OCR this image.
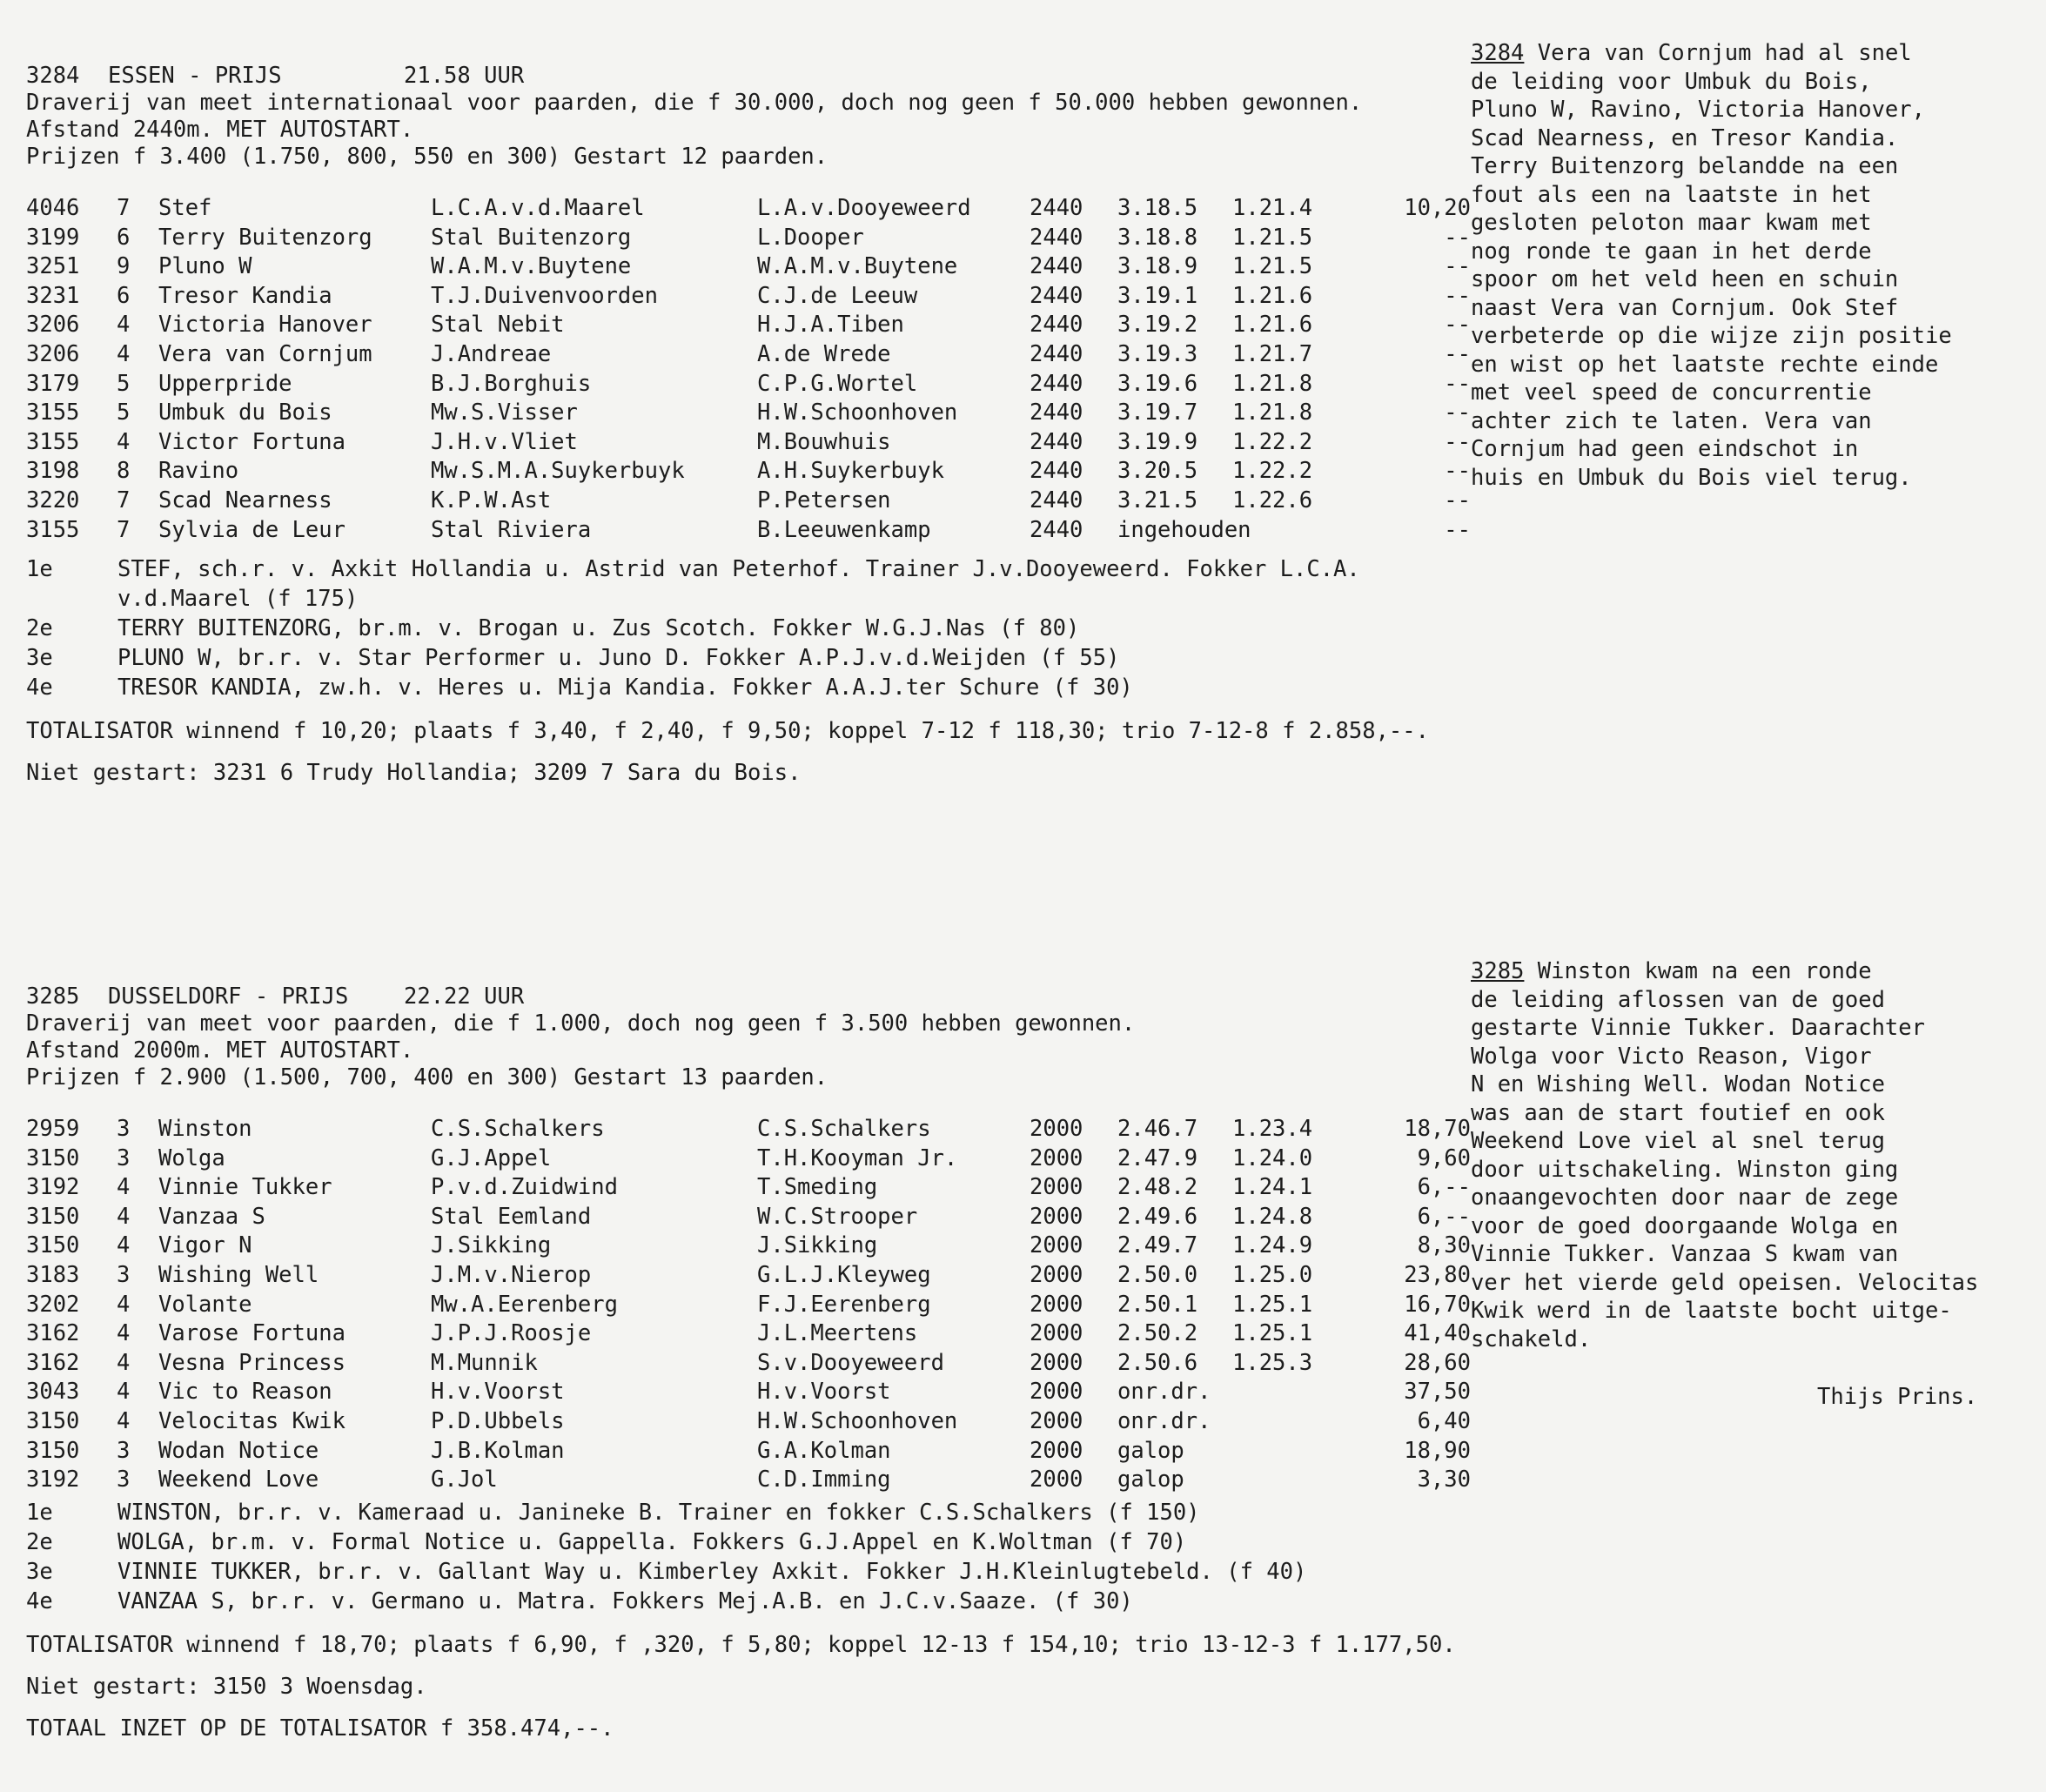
3284 ESSEN - PRIJS	21.58 UUR
Draverij van meet internationaal voor paarden, die f 30.000, doch nog geen f 50.000 hebben gewonnen.
Afstand 2440m. MET AUTOSTART.
Prijzen f 3.400 (1.750, 800, 550 en 300) Gestart 12 paarden.
4046 7 Stef	L.C.A.v.d.Maarel	L.A.v.Dooyeweerd	2440 3.18.5 1.21.4	10,20
3199 6 Terry Buitenzorg	Stal Buitenzorg	L.Dooper	2440 3.18.8 1.21.5	--
3251 9 Pluno W	W.A.M.v.Buytene	W.A.M.v.Buytene	2440 3.18.9 1.21.5	--
3231 6 Tresor Kandia	T.J.Duivenvoorden	C.J.de Leeuw	2440 3.19.1 1.21.6	--
3206 4 Victoria Hanover	Stal Nebit	H.J.A.Tiben	2440 3.19.2 1.21.6	--
3206 4 Vera van Cornjum	J.Andreae	A.de Wrede	2440 3.19.3 1.21.7	--
3179 5 Upperpride	B.J.Borghuis	C.P.G.Wortel	2440 3.19.6 1.21.8	--
3155 5 Umbuk du Bois	Mw.S.Visser	H.W.Schoonhoven	2440 3.19.7 1.21.8	--
3155 4 Victor Fortuna	J.H.v.Vliet	M.Bouwhuis	2440 3.19.9 1.22.2	--
3198 8 Ravino	Mw.S.M.A.Suykerbuyk	A.H.Suykerbuyk	2440 3.20.5 1.22.2	--
3220 7 Scad Nearness	K.P.W.Ast	P.Petersen	2440 3.21.5 1.22.6	--
3155 7 Sylvia de Leur	Stal Riviera	B.Leeuwenkamp	2440 ingehouden	--
1e	STEF, sch.r. v. Axkit Hollandia u. Astrid van Peterhof. Trainer J.v.Dooyeweerd. Fokker L.C.A. v.d.Maarel (f 175)
2e	TERRY BUITENZORG, br.m. v. Brogan u. Zus Scotch. Fokker W.G.J.Nas (f 80)
3e	PLUNO W, br.r. v. Star Performer u. Juno D. Fokker A.P.J.v.d.Weijden (f 55)
4e	TRESOR KANDIA, zw.h. v. Heres u. Mija Kandia. Fokker A.A.J.ter Schure (f 30)
TOTALISATOR winnend f 10,20; plaats f 3,40, f 2,40, f 9,50; koppel 7-12 f 118,30; trio 7-12-8 f 2.858,--.
Niet gestart: 3231 6 Trudy Hollandia; 3209 7 Sara du Bois.
3284 Vera van Cornjum had al snel
de leiding voor Umbuk du Bois,
Pluno W, Ravino, Victoria Hanover,
Scad Nearness, en Tresor Kandia.
Terry Buitenzorg belandde na een
fout als een na laatste in het
gesloten peloton maar kwam met
nog ronde te gaan in het derde
spoor om het veld heen en schuin
naast Vera van Cornjum. Ook Stef
verbeterde op die wijze zijn positie
en wist op het laatste rechte einde
met veel speed de concurrentie
achter zich te laten. Vera van
Cornjum had geen eindschot in
huis en Umbuk du Bois viel terug.
3285 DUSSELDORF - PRIJS 22.22 UUR
Draverij van meet voor paarden, die f 1.000, doch nog geen f 3.500 hebben gewonnen.
Afstand 2000m. MET AUTOSTART.
Prijzen f 2.900 (1.500, 700, 400 en 300) Gestart 13 paarden.
2959 3 Winston	C.S.Schalkers	C.S.Schalkers	2000 2.46.7 1.23.4	18,70
3150 3 Wolga	G.J.Appel	T.H.Kooyman Jr.	2000 2.47.9 1.24.0	9,60
3192 4 Vinnie Tukker	P.v.d.Zuidwind	T.Smeding	2000 2.48.2 1.24.1	6,--
3150 4 Vanzaa S	Stal Eemland	W.C.Strooper	2000 2.49.6 1.24.8	6,--
3150 4 Vigor N	J.Sikking	J.Sikking	2000 2.49.7 1.24.9	8,30
3183 3 Wishing Well	J.M.v.Nierop	G.L.J.Kleyweg	2000 2.50.0 1.25.0	23,80
3202 4 Volante	Mw.A.Eerenberg	F.J.Eerenberg	2000 2.50.1 1.25.1	16,70
3162 4 Varose Fortuna	J.P.J.Roosje	J.L.Meertens	2000 2.50.2 1.25.1	41,40
3162 4 Vesna Princess	M.Munnik	S.v.Dooyeweerd	2000 2.50.6 1.25.3	28,60
3043 4 Vic to Reason	H.v.Voorst	H.v.Voorst	2000 onr.dr.	37,50
3150 4 Velocitas Kwik	P.D.Ubbels	H.W.Schoonhoven	2000 onr.dr.	6,40
3150 3 Wodan Notice	J.B.Kolman	G.A.Kolman	2000 galop	18,90
3192 3 Weekend Love	G.Jol	C.D.Imming	2000 galop	3,30
1e	WINSTON, br.r. v. Kameraad u. Janineke B. Trainer en fokker C.S.Schalkers (f 150)
2e	WOLGA, br.m. v. Formal Notice u. Gappella. Fokkers G.J.Appel en K.Woltman (f 70)
3e	VINNIE TUKKER, br.r. v. Gallant Way u. Kimberley Axkit. Fokker J.H.Kleinlugtebeld. (f 40)
4e	VANZAA S, br.r. v. Germano u. Matra. Fokkers Mej.A.B. en J.C.v.Saaze. (f 30)
TOTALISATOR winnend f 18,70; plaats f 6,90, f ,320, f 5,80; koppel 12-13 f 154,10; trio 13-12-3 f 1.177,50.
Niet gestart: 3150 3 Woensdag.
TOTAAL INZET OP DE TOTALISATOR f 358.474,--.
3285 Winston kwam na een ronde
de leiding aflossen van de goed
gestarte Vinnie Tukker. Daarachter
Wolga voor Victo Reason, Vigor
N en Wishing Well. Wodan Notice
was aan de start foutief en ook
Weekend Love viel al snel terug
door uitschakeling. Winston ging
onaangevochten door naar de zege
voor de goed doorgaande Wolga en
Vinnie Tukker. Vanzaa S kwam van
ver het vierde geld opeisen. Velocitas
Kwik werd in de laatste bocht uitge-
schakeld.
Thijs Prins.
